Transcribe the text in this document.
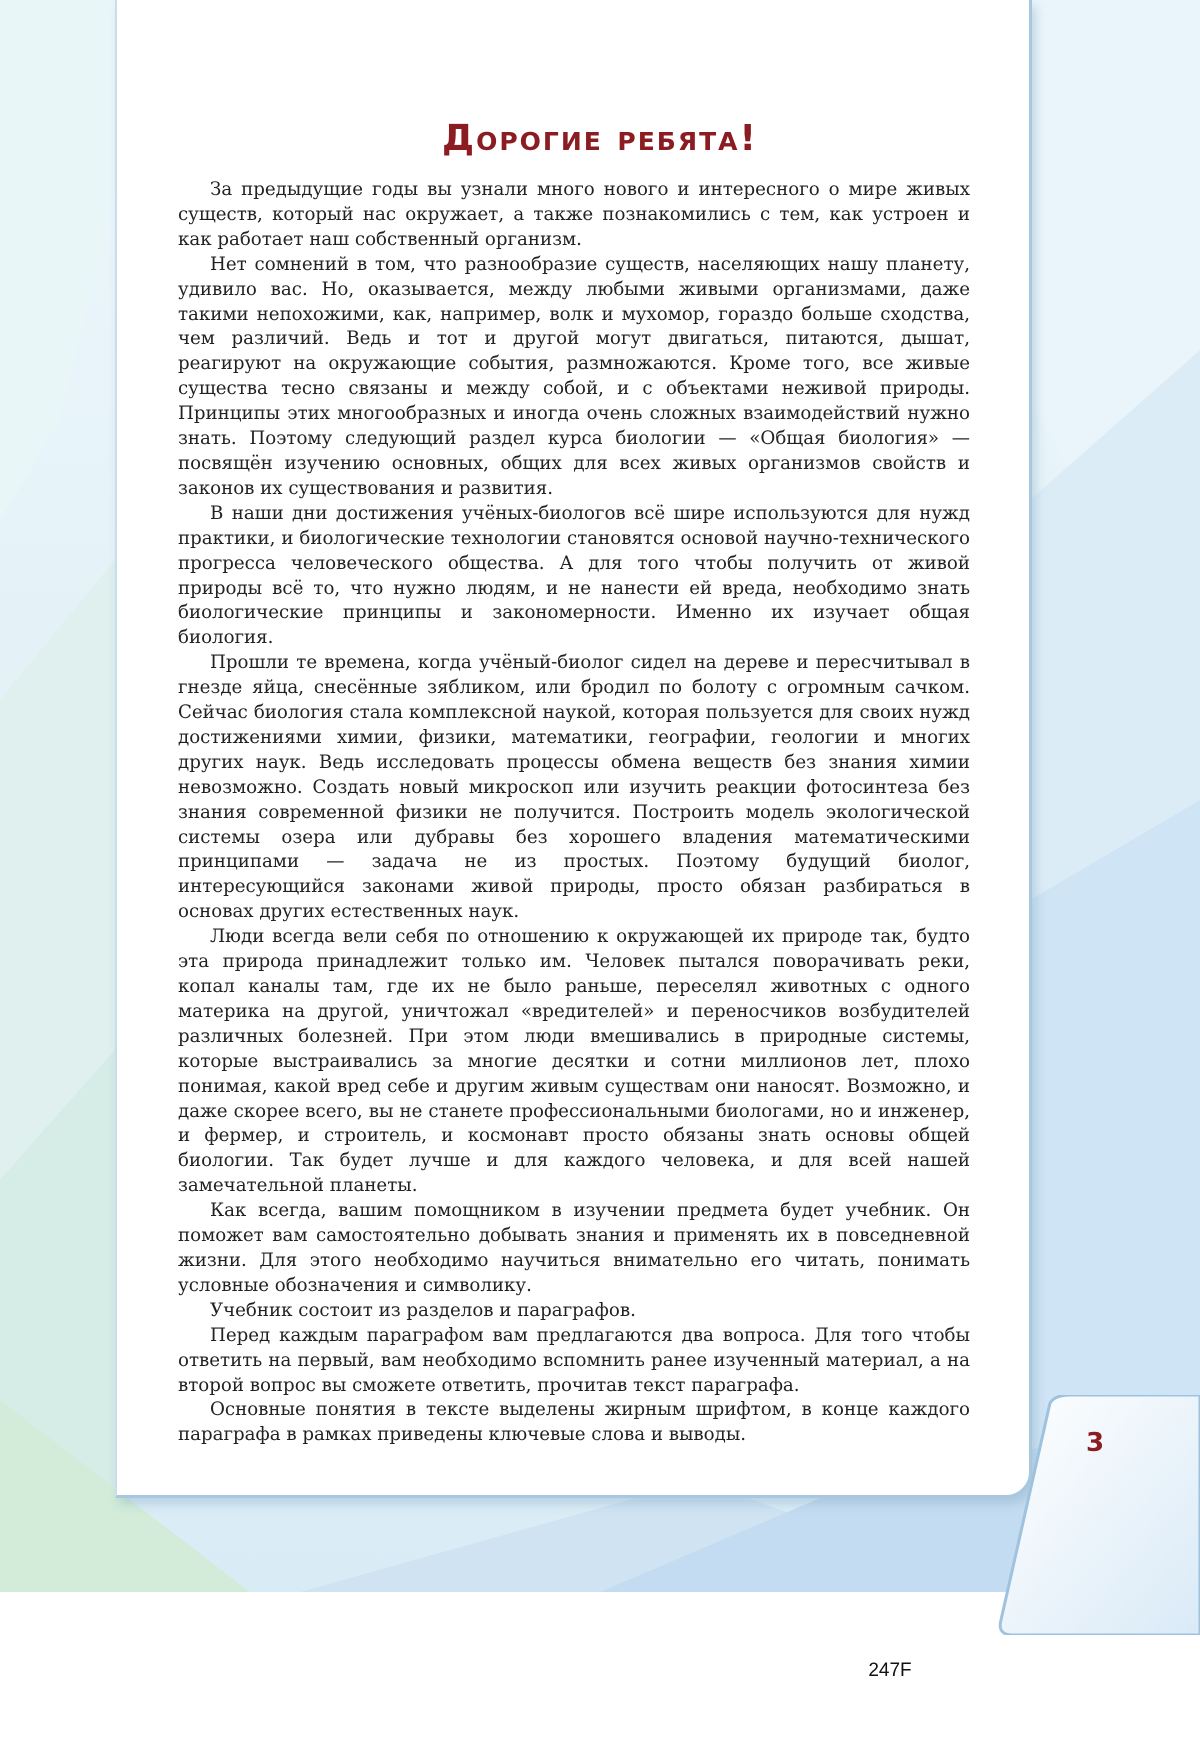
Дорогие ребята!

За предыдущие годы вы узнали много нового и интересного о мире живых существ, который нас окружает, а также познакомились с тем, как устроен и как работает наш собственный организм.

Нет сомнений в том, что разнообразие существ, населяющих нашу планету, удивило вас. Но, оказывается, между любыми живыми организмами, даже такими непохожими, как, например, волк и мухомор, гораздо больше сходства, чем различий. Ведь и тот и другой могут двигаться, питаются, дышат, реагируют на окружающие события, размножаются. Кроме того, все живые существа тесно связаны и между собой, и с объектами неживой природы. Принципы этих многообразных и иногда очень сложных взаимодействий нужно знать. Поэтому следующий раздел курса биологии — «Общая биология» — посвящён изучению основных, общих для всех живых организмов свойств и законов их существования и развития.

В наши дни достижения учёных-биологов всё шире используются для нужд практики, и биологические технологии становятся основой научно-технического прогресса человеческого общества. А для того чтобы получить от живой природы всё то, что нужно людям, и не нанести ей вреда, необходимо знать биологические принципы и закономерности. Именно их изучает общая биология.

Прошли те времена, когда учёный-биолог сидел на дереве и пересчитывал в гнезде яйца, снесённые зябликом, или бродил по болоту с огромным сачком. Сейчас биология стала комплексной наукой, которая пользуется для своих нужд достижениями химии, физики, математики, географии, геологии и многих других наук. Ведь исследовать процессы обмена веществ без знания химии невозможно. Создать новый микроскоп или изучить реакции фотосинтеза без знания современной физики не получится. Построить модель экологической системы озера или дубравы без хорошего владения математическими принципами — задача не из простых. Поэтому будущий биолог, интересующийся законами живой природы, просто обязан разбираться в основах других естественных наук.

Люди всегда вели себя по отношению к окружающей их природе так, будто эта природа принадлежит только им. Человек пытался поворачивать реки, копал каналы там, где их не было раньше, переселял животных с одного материка на другой, уничтожал «вредителей» и переносчиков возбудителей различных болезней. При этом люди вмешивались в природные системы, которые выстраивались за многие десятки и сотни миллионов лет, плохо понимая, какой вред себе и другим живым существам они наносят. Возможно, и даже скорее всего, вы не станете профессиональными биологами, но и инженер, и фермер, и строитель, и космонавт просто обязаны знать основы общей биологии. Так будет лучше и для каждого человека, и для всей нашей замечательной планеты.

Как всегда, вашим помощником в изучении предмета будет учебник. Он поможет вам самостоятельно добывать знания и применять их в повседневной жизни. Для этого необходимо научиться внимательно его читать, понимать условные обозначения и символику.

Учебник состоит из разделов и параграфов.

Перед каждым параграфом вам предлагаются два вопроса. Для того чтобы ответить на первый, вам необходимо вспомнить ранее изученный материал, а на второй вопрос вы сможете ответить, прочитав текст параграфа.

Основные понятия в тексте выделены жирным шрифтом, в конце каждого параграфа в рамках приведены ключевые слова и выводы.	3
247F
